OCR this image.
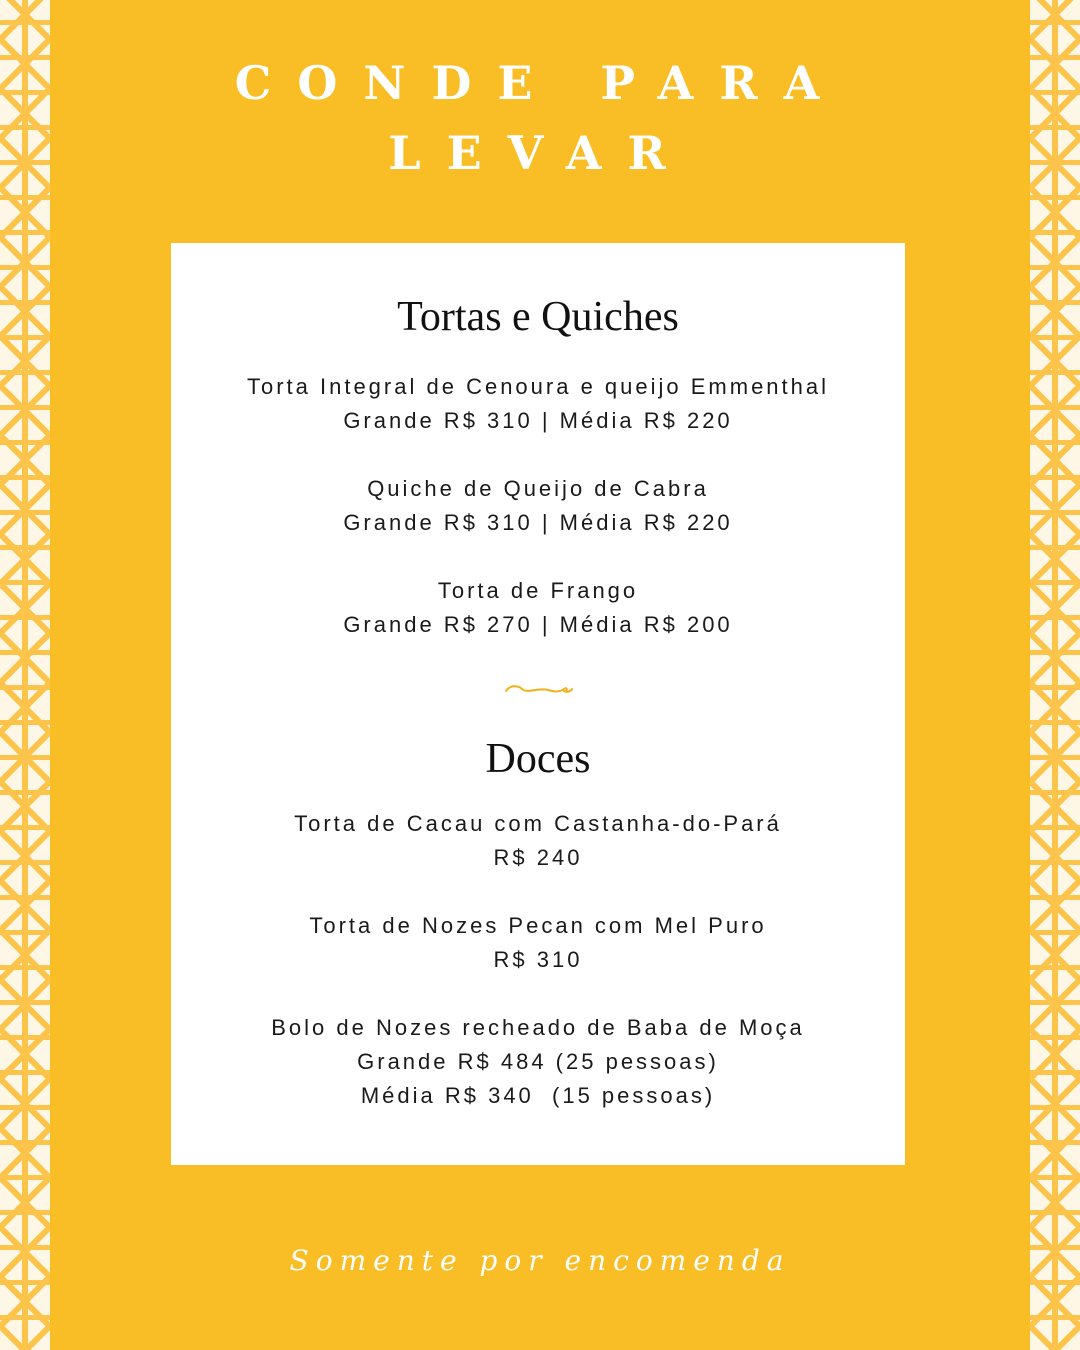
CONDE PARA
LEVAR
Tortas e Quiches

Torta Integral de Cenoura e queijo Emmenthal

Grande R$ 310 | Média R$ 220

Quiche de Queijo de Cabra

Grande R$ 310 | Média R$ 220

Torta de Frango

Grande R$ 270 | Média R$ 200

Doces

Torta de Cacau com Castanha-do-Pará

R$ 240

Torta de Nozes Pecan com Mel Puro

R$ 310

Bolo de Nozes recheado de Baba de Moça

Grande R$ 484 (25 pessoas)

Média R$ 340  (15 pessoas)

Somente por encomenda
